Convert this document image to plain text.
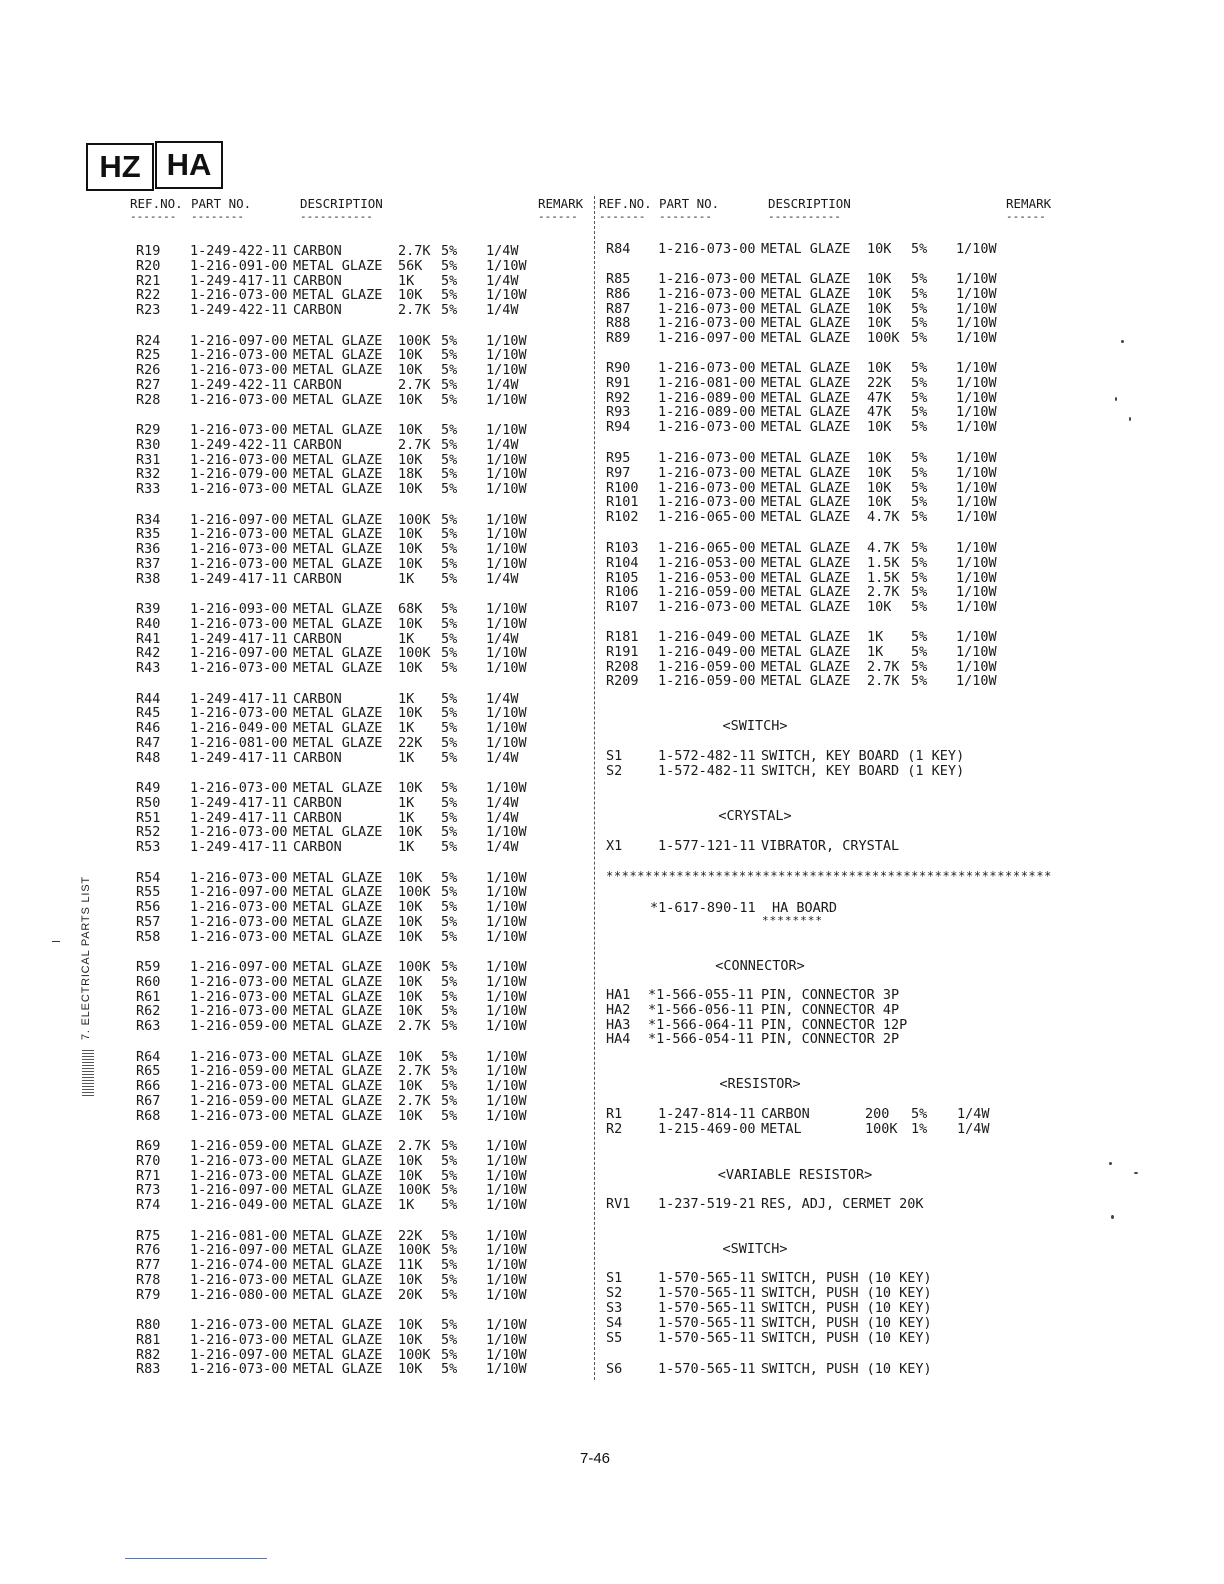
HZ HA
REF.NO. PART NO.	DESCRIPTION	REMARK REF.NO. PART NO.	DESCRIPTION	REMARK
------- --------	-----------	------ ------- --------	-----------	------
R19 1-249-422-11 CARBON	2.7K 5% 1/4W
R20 1-216-091-00 METAL GLAZE 56K 5% 1/10W
R21 1-249-417-11 CARBON	1K 5% 1/4W
R22 1-216-073-00 METAL GLAZE 10K 5% 1/10W
R23 1-249-422-11 CARBON	2.7K 5% 1/4W
R24 1-216-097-00 METAL GLAZE 100K 5% 1/10W
R25 1-216-073-00 METAL GLAZE 10K 5% 1/10W
R26 1-216-073-00 METAL GLAZE 10K 5% 1/10W
R27 1-249-422-11 CARBON	2.7K 5% 1/4W
R28 1-216-073-00 METAL GLAZE 10K 5% 1/10W
R29 1-216-073-00 METAL GLAZE 10K 5% 1/10W
R30 1-249-422-11 CARBON	2.7K 5% 1/4W
R31 1-216-073-00 METAL GLAZE 10K 5% 1/10W
R32 1-216-079-00 METAL GLAZE 18K 5% 1/10W
R33 1-216-073-00 METAL GLAZE 10K 5% 1/10W
R34 1-216-097-00 METAL GLAZE 100K 5% 1/10W
R35 1-216-073-00 METAL GLAZE 10K 5% 1/10W
R36 1-216-073-00 METAL GLAZE 10K 5% 1/10W
R37 1-216-073-00 METAL GLAZE 10K 5% 1/10W
R38 1-249-417-11 CARBON	1K 5% 1/4W
R39 1-216-093-00 METAL GLAZE 68K 5% 1/10W
R40 1-216-073-00 METAL GLAZE 10K 5% 1/10W
R41 1-249-417-11 CARBON	1K 5% 1/4W
R42 1-216-097-00 METAL GLAZE 100K 5% 1/10W
R43 1-216-073-00 METAL GLAZE 10K 5% 1/10W
R44 1-249-417-11 CARBON	1K 5% 1/4W
R45 1-216-073-00 METAL GLAZE 10K 5% 1/10W
R46 1-216-049-00 METAL GLAZE 1K 5% 1/10W
R47 1-216-081-00 METAL GLAZE 22K 5% 1/10W
R48 1-249-417-11 CARBON	1K 5% 1/4W
R49 1-216-073-00 METAL GLAZE 10K 5% 1/10W
R50 1-249-417-11 CARBON	1K 5% 1/4W
R51 1-249-417-11 CARBON	1K 5% 1/4W
R52 1-216-073-00 METAL GLAZE 10K 5% 1/10W
R53 1-249-417-11 CARBON	1K 5% 1/4W
R54 1-216-073-00 METAL GLAZE 10K 5% 1/10W
R55 1-216-097-00 METAL GLAZE 100K 5% 1/10W
R56 1-216-073-00 METAL GLAZE 10K 5% 1/10W
R57 1-216-073-00 METAL GLAZE 10K 5% 1/10W
R58 1-216-073-00 METAL GLAZE 10K 5% 1/10W
R59 1-216-097-00 METAL GLAZE 100K 5% 1/10W
R60 1-216-073-00 METAL GLAZE 10K 5% 1/10W
R61 1-216-073-00 METAL GLAZE 10K 5% 1/10W
R62 1-216-073-00 METAL GLAZE 10K 5% 1/10W
R63 1-216-059-00 METAL GLAZE 2.7K 5% 1/10W
R64 1-216-073-00 METAL GLAZE 10K 5% 1/10W
R65 1-216-059-00 METAL GLAZE 2.7K 5% 1/10W
R66 1-216-073-00 METAL GLAZE 10K 5% 1/10W
R67 1-216-059-00 METAL GLAZE 2.7K 5% 1/10W
R68 1-216-073-00 METAL GLAZE 10K 5% 1/10W
R69 1-216-059-00 METAL GLAZE 2.7K 5% 1/10W
R70 1-216-073-00 METAL GLAZE 10K 5% 1/10W
R71 1-216-073-00 METAL GLAZE 10K 5% 1/10W
R73 1-216-097-00 METAL GLAZE 100K 5% 1/10W
R74 1-216-049-00 METAL GLAZE 1K 5% 1/10W
R75 1-216-081-00 METAL GLAZE 22K 5% 1/10W
R76 1-216-097-00 METAL GLAZE 100K 5% 1/10W
R77 1-216-074-00 METAL GLAZE 11K 5% 1/10W
R78 1-216-073-00 METAL GLAZE 10K 5% 1/10W
R79 1-216-080-00 METAL GLAZE 20K 5% 1/10W
R80 1-216-073-00 METAL GLAZE 10K 5% 1/10W
R81 1-216-073-00 METAL GLAZE 10K 5% 1/10W
R82 1-216-097-00 METAL GLAZE 100K 5% 1/10W
R83 1-216-073-00 METAL GLAZE 10K 5% 1/10W
R84 1-216-073-00 METAL GLAZE 10K 5% 1/10W
R85 1-216-073-00 METAL GLAZE 10K 5% 1/10W
R86 1-216-073-00 METAL GLAZE 10K 5% 1/10W
R87 1-216-073-00 METAL GLAZE 10K 5% 1/10W
R88 1-216-073-00 METAL GLAZE 10K 5% 1/10W
R89 1-216-097-00 METAL GLAZE 100K 5% 1/10W
R90 1-216-073-00 METAL GLAZE 10K 5% 1/10W
R91 1-216-081-00 METAL GLAZE 22K 5% 1/10W
R92 1-216-089-00 METAL GLAZE 47K 5% 1/10W
R93 1-216-089-00 METAL GLAZE 47K 5% 1/10W
R94 1-216-073-00 METAL GLAZE 10K 5% 1/10W
R95 1-216-073-00 METAL GLAZE 10K 5% 1/10W
R97 1-216-073-00 METAL GLAZE 10K 5% 1/10W
R100 1-216-073-00 METAL GLAZE 10K 5% 1/10W
R101 1-216-073-00 METAL GLAZE 10K 5% 1/10W
R102 1-216-065-00 METAL GLAZE 4.7K 5% 1/10W
R103 1-216-065-00 METAL GLAZE 4.7K 5% 1/10W
R104 1-216-053-00 METAL GLAZE 1.5K 5% 1/10W
R105 1-216-053-00 METAL GLAZE 1.5K 5% 1/10W
R106 1-216-059-00 METAL GLAZE 2.7K 5% 1/10W
R107 1-216-073-00 METAL GLAZE 10K 5% 1/10W
R181 1-216-049-00 METAL GLAZE 1K 5% 1/10W
R191 1-216-049-00 METAL GLAZE 1K 5% 1/10W
R208 1-216-059-00 METAL GLAZE 2.7K 5% 1/10W
R209 1-216-059-00 METAL GLAZE 2.7K 5% 1/10W
S1	1-572-482-11 SWITCH, KEY BOARD (1 KEY)
S2	1-572-482-11 SWITCH, KEY BOARD (1 KEY)
X1	1-577-121-11 VIBRATOR, CRYSTAL
HA1 *1-566-055-11 PIN, CONNECTOR 3P
HA2 *1-566-056-11 PIN, CONNECTOR 4P
HA3 *1-566-064-11 PIN, CONNECTOR 12P
HA4 *1-566-054-11 PIN, CONNECTOR 2P
R1	1-247-814-11 CARBON	200 5% 1/4W
R2	1-215-469-00 METAL	100K 1% 1/4W
RV1 1-237-519-21 RES, ADJ, CERMET 20K
S1	1-570-565-11 SWITCH, PUSH (10 KEY)
S2	1-570-565-11 SWITCH, PUSH (10 KEY)
S3	1-570-565-11 SWITCH, PUSH (10 KEY)
S4	1-570-565-11 SWITCH, PUSH (10 KEY)
S5	1-570-565-11 SWITCH, PUSH (10 KEY)
S6	1-570-565-11 SWITCH, PUSH (10 KEY)
<SWITCH>
<CRYSTAL>
*********************************************************
*1-617-890-11 HA BOARD
********
<CONNECTOR>
<RESISTOR>
<VARIABLE RESISTOR>
<SWITCH>
7. ELECTRICAL PARTS LIST
7-46
